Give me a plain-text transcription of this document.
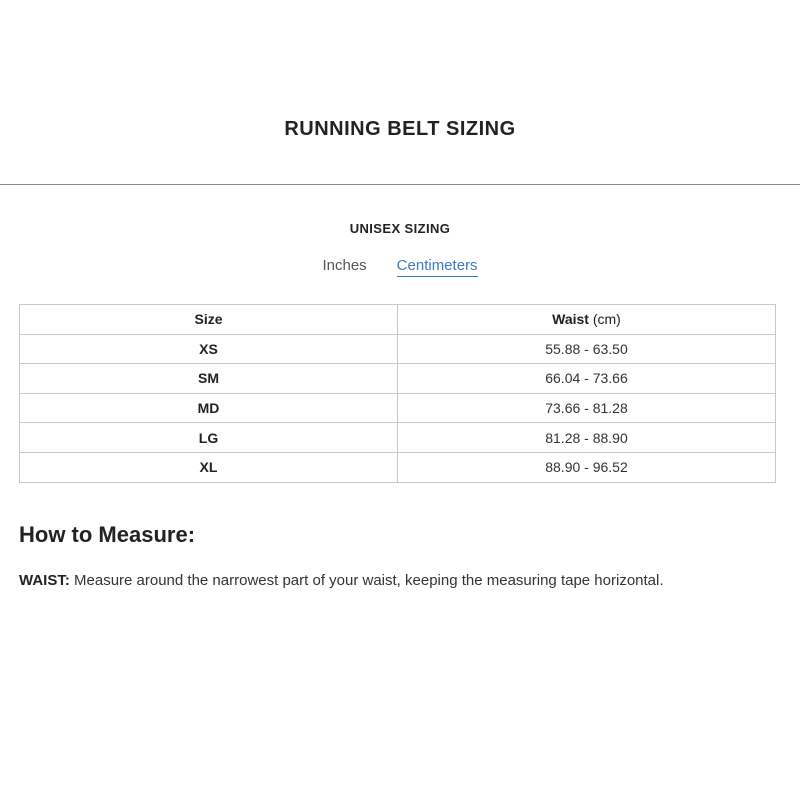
RUNNING BELT SIZING
UNISEX SIZING
Inches Centimeters
Size	Waist (cm)
XS	55.88 - 63.50
SM	66.04 - 73.66
MD	73.66 - 81.28
LG	81.28 - 88.90
XL	88.90 - 96.52
How to Measure:

WAIST: Measure around the narrowest part of your waist, keeping the measuring tape horizontal.
